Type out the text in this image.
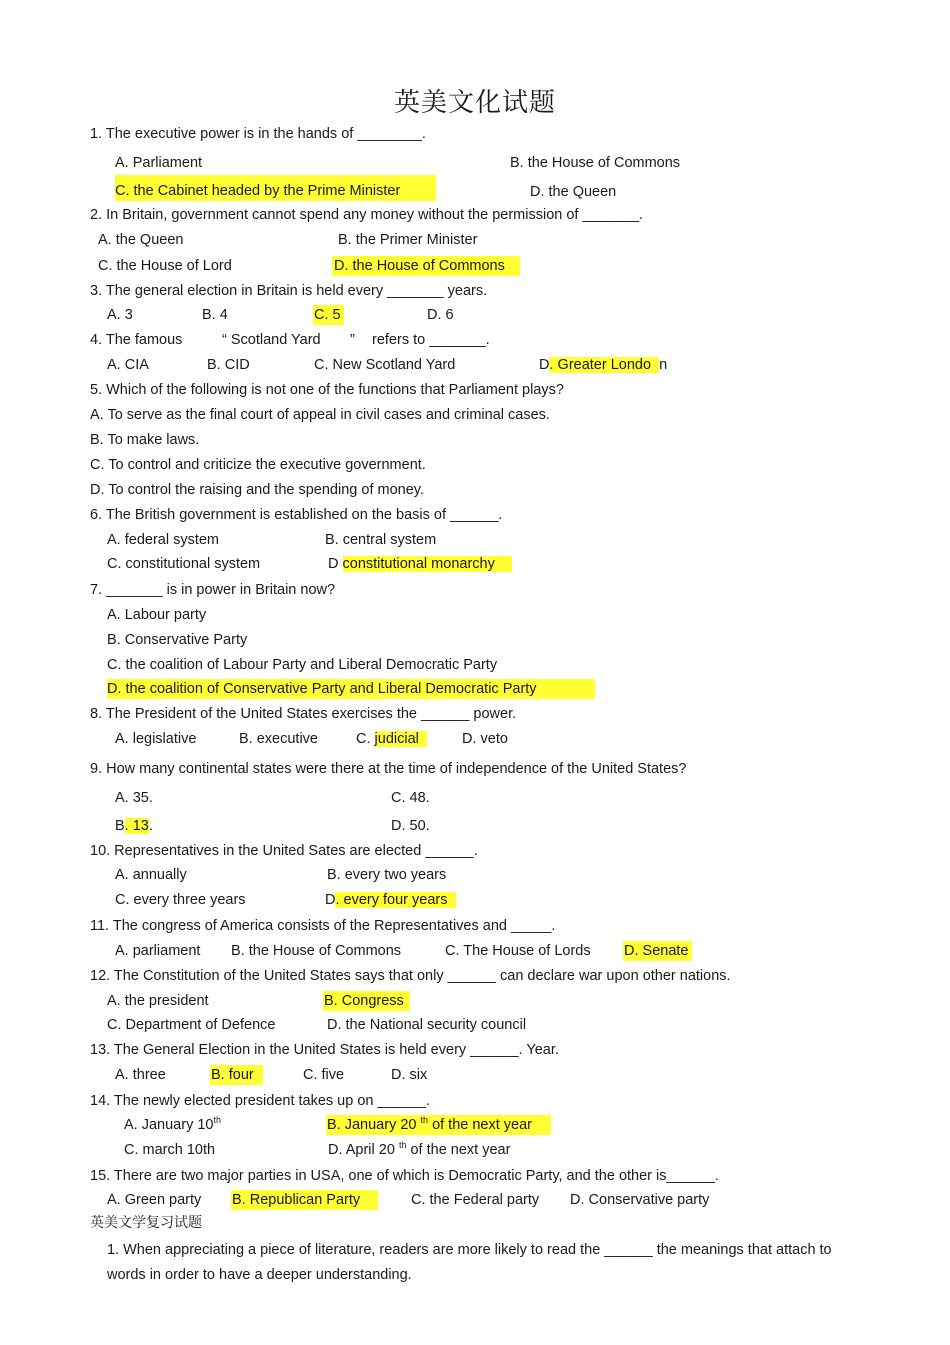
英美文化试题
1. The executive power is in the hands of ________.
A. Parliament	B. the House of Commons
C. the Cabinet headed by the Prime Minister	D. the Queen
2. In Britain, government cannot spend any money without the permission of _______.
A. the Queen	B. the Primer Minister
C. the House of Lord	D. the House of Commons
3. The general election in Britain is held every _______ years.
A. 3	B. 4	C. 5	D. 6
4. The famous	“ Scotland Yard ” refers to _______.
A. CIA	B. CID	C. New Scotland Yard	D. Greater Londo n
5. Which of the following is not one of the functions that Parliament plays?
A. To serve as the final court of appeal in civil cases and criminal cases.
B. To make laws.
C. To control and criticize the executive government.
D. To control the raising and the spending of money.
6. The British government is established on the basis of ______.
A. federal system	B. central system
C. constitutional system	D constitutional monarchy
7. _______ is in power in Britain now?
A. Labour party
B. Conservative Party
C. the coalition of Labour Party and Liberal Democratic Party
D. the coalition of Conservative Party and Liberal Democratic Party
8. The President of the United States exercises the ______ power.
A. legislative	B. executive	C. judicial	D. veto
9. How many continental states were there at the time of independence of the United States?
A. 35.	C. 48.
B. 13.	D. 50.
10. Representatives in the United Sates are elected ______.
A. annually	B. every two years
C. every three years	D. every four years
11. The congress of America consists of the Representatives and _____.
A. parliament B. the House of Commons	C. The House of Lords D. Senate
12. The Constitution of the United States says that only ______ can declare war upon other nations.
A. the president	B. Congress
C. Department of Defence	D. the National security council
13. The General Election in the United States is held every ______. Year.
A. three	B. four	C. five	D. six
14. The newly elected president takes up on ______.
A. January 10th	B. January 20 $^{th}$ of the next year
C. march 10th	D. April 20 $^{th}$ of the next year
15. There are two major parties in USA, one of which is Democratic Party, and the other is______.
A. Green party B. Republican Party	C. the Federal party D. Conservative party
英美文学复习试题
1. When appreciating a piece of literature, readers are more likely to read the ______ the meanings that attach to
words in order to have a deeper understanding.
